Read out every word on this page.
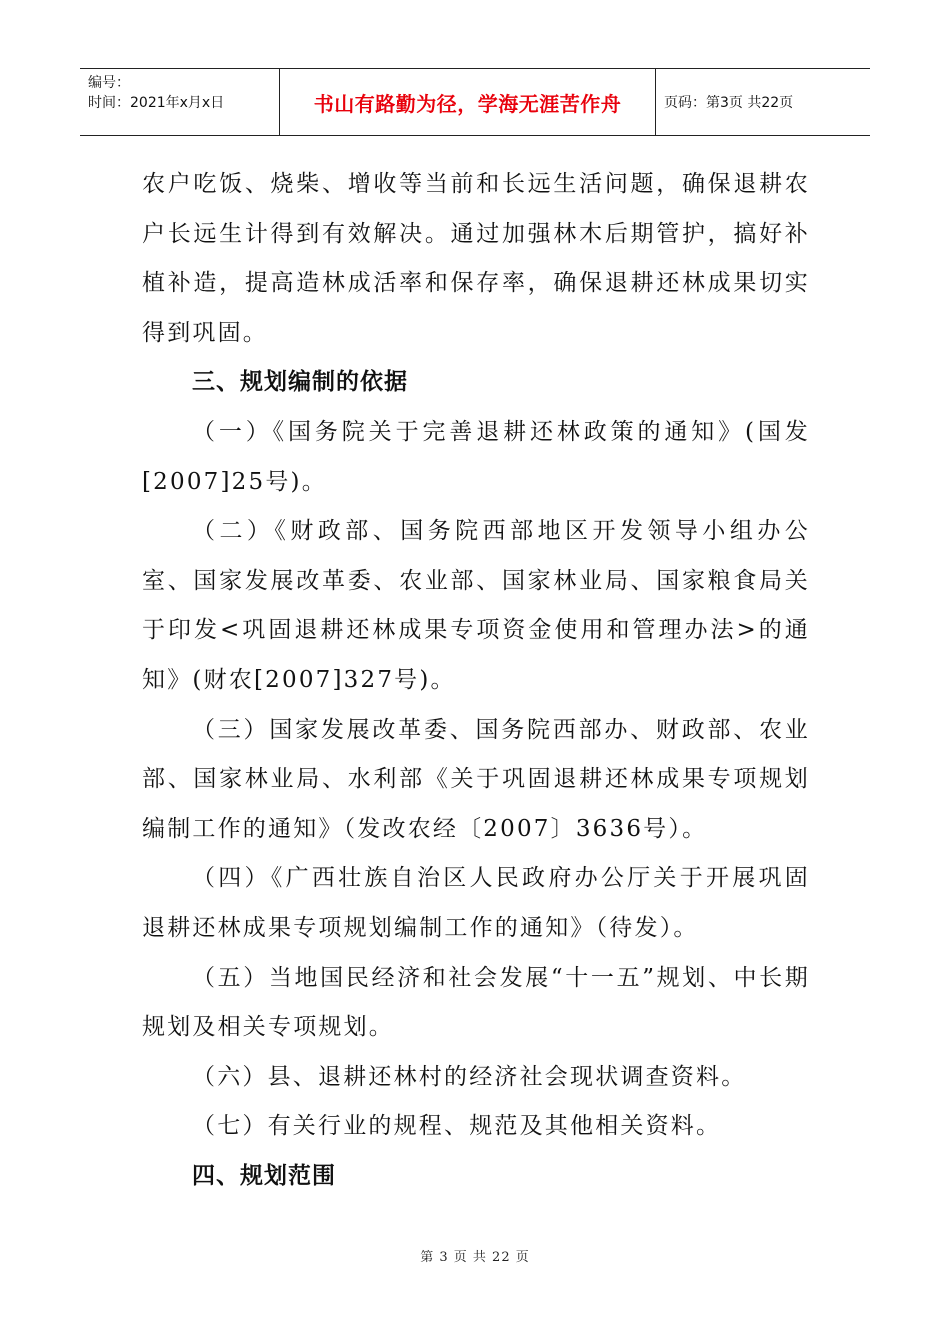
编号：
时间：2021年x月x日	书山有路勤为径，学海无涯苦作舟	页码：第3页 共22页

农户吃饭、烧柴、增收等当前和长远生活问题，确保退耕农户长远生计得到有效解决。通过加强林木后期管护，搞好补植补造，提高造林成活率和保存率，确保退耕还林成果切实得到巩固。

三、规划编制的依据

（一）《国务院关于完善退耕还林政策的通知》(国发[2007]25号)。

（二）《财政部、国务院西部地区开发领导小组办公室、国家发展改革委、农业部、国家林业局、国家粮食局关于印发<巩固退耕还林成果专项资金使用和管理办法>的通知》(财农[2007]327号)。

（三）国家发展改革委、国务院西部办、财政部、农业部、国家林业局、水利部《关于巩固退耕还林成果专项规划编制工作的通知》（发改农经〔2007〕3636号）。

（四）《广西壮族自治区人民政府办公厅关于开展巩固退耕还林成果专项规划编制工作的通知》（待发）。

（五）当地国民经济和社会发展“十一五”规划、中长期规划及相关专项规划。

（六）县、退耕还林村的经济社会现状调查资料。

（七）有关行业的规程、规范及其他相关资料。

四、规划范围

第 3 页 共 22 页
